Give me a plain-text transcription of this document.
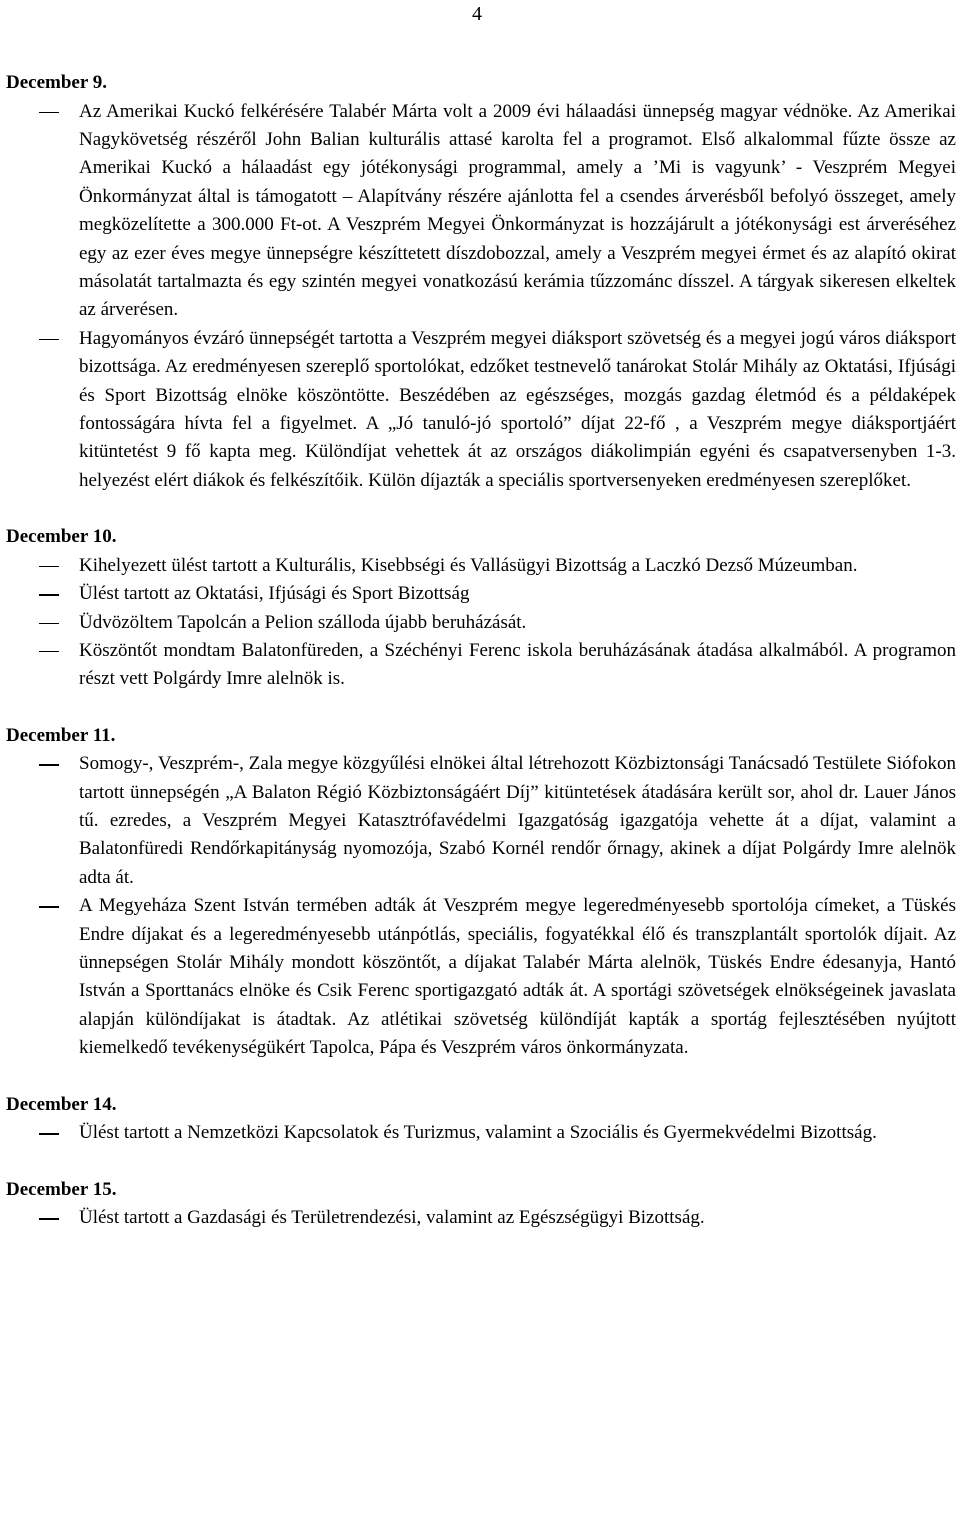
4

December 9.

Az Amerikai Kuckó felkérésére Talabér Márta volt a 2009 évi hálaadási ünnepség magyar védnöke. Az Amerikai Nagykövetség részéről John Balian kulturális attasé karolta fel a programot. Első alkalommal fűzte össze az Amerikai Kuckó a hálaadást egy jótékonysági programmal, amely a ’Mi is vagyunk’ - Veszprém Megyei Önkormányzat által is támogatott – Alapítvány részére ajánlotta fel a csendes árverésből befolyó összeget, amely megközelítette a 300.000 Ft-ot. A Veszprém Megyei Önkormányzat is hozzájárult a jótékonysági est árveréséhez egy az ezer éves megye ünnepségre készíttetett díszdobozzal, amely a Veszprém megyei érmet és az alapító okirat másolatát tartalmazta és egy szintén megyei vonatkozású kerámia tűzzománc dísszel. A tárgyak sikeresen elkeltek az árverésen.
Hagyományos évzáró ünnepségét tartotta a Veszprém megyei diáksport szövetség és a megyei jogú város diáksport bizottsága. Az eredményesen szereplő sportolókat, edzőket testnevelő tanárokat Stolár Mihály az Oktatási, Ifjúsági és Sport Bizottság elnöke köszöntötte. Beszédében az egészséges, mozgás gazdag életmód és a példaképek fontosságára hívta fel a figyelmet. A „Jó tanuló-jó sportoló” díjat 22-fő , a Veszprém megye diáksportjáért kitüntetést 9 fő kapta meg. Különdíjat vehettek át az országos diákolimpián egyéni és csapatversenyben 1-3. helyezést elért diákok és felkészítőik. Külön díjazták a speciális sportversenyeken eredményesen szereplőket.

December 10.

Kihelyezett ülést tartott a Kulturális, Kisebbségi és Vallásügyi Bizottság a Laczkó Dezső Múzeumban.
Ülést tartott az Oktatási, Ifjúsági és Sport Bizottság
Üdvözöltem Tapolcán a Pelion szálloda újabb beruházását.
Köszöntőt mondtam Balatonfüreden, a Széchényi Ferenc iskola beruházásának átadása alkalmából. A programon részt vett Polgárdy Imre alelnök is.

December 11.

Somogy-, Veszprém-, Zala megye közgyűlési elnökei által létrehozott Közbiztonsági Tanácsadó Testülete Siófokon tartott ünnepségén „A Balaton Régió Közbiztonságáért Díj” kitüntetések átadására került sor, ahol dr. Lauer János tű. ezredes, a Veszprém Megyei Katasztrófavédelmi Igazgatóság igazgatója vehette át a díjat, valamint a Balatonfüredi Rendőrkapitányság nyomozója, Szabó Kornél rendőr őrnagy, akinek a díjat Polgárdy Imre alelnök adta át.
A Megyeháza Szent István termében adták át Veszprém megye legeredményesebb sportolója címeket, a Tüskés Endre díjakat és a legeredményesebb utánpótlás, speciális, fogyatékkal élő és transzplantált sportolók díjait. Az ünnepségen Stolár Mihály mondott köszöntőt, a díjakat Talabér Márta alelnök, Tüskés Endre édesanyja, Hantó István a Sporttanács elnöke és Csik Ferenc sportigazgató adták át. A sportági szövetségek elnökségeinek javaslata alapján különdíjakat is átadtak. Az atlétikai szövetség különdíját kapták a sportág fejlesztésében nyújtott kiemelkedő tevékenységükért Tapolca, Pápa és Veszprém város önkormányzata.

December 14.

Ülést tartott a Nemzetközi Kapcsolatok és Turizmus, valamint a Szociális és Gyermekvédelmi Bizottság.

December 15.

Ülést tartott a Gazdasági és Területrendezési, valamint az Egészségügyi Bizottság.
